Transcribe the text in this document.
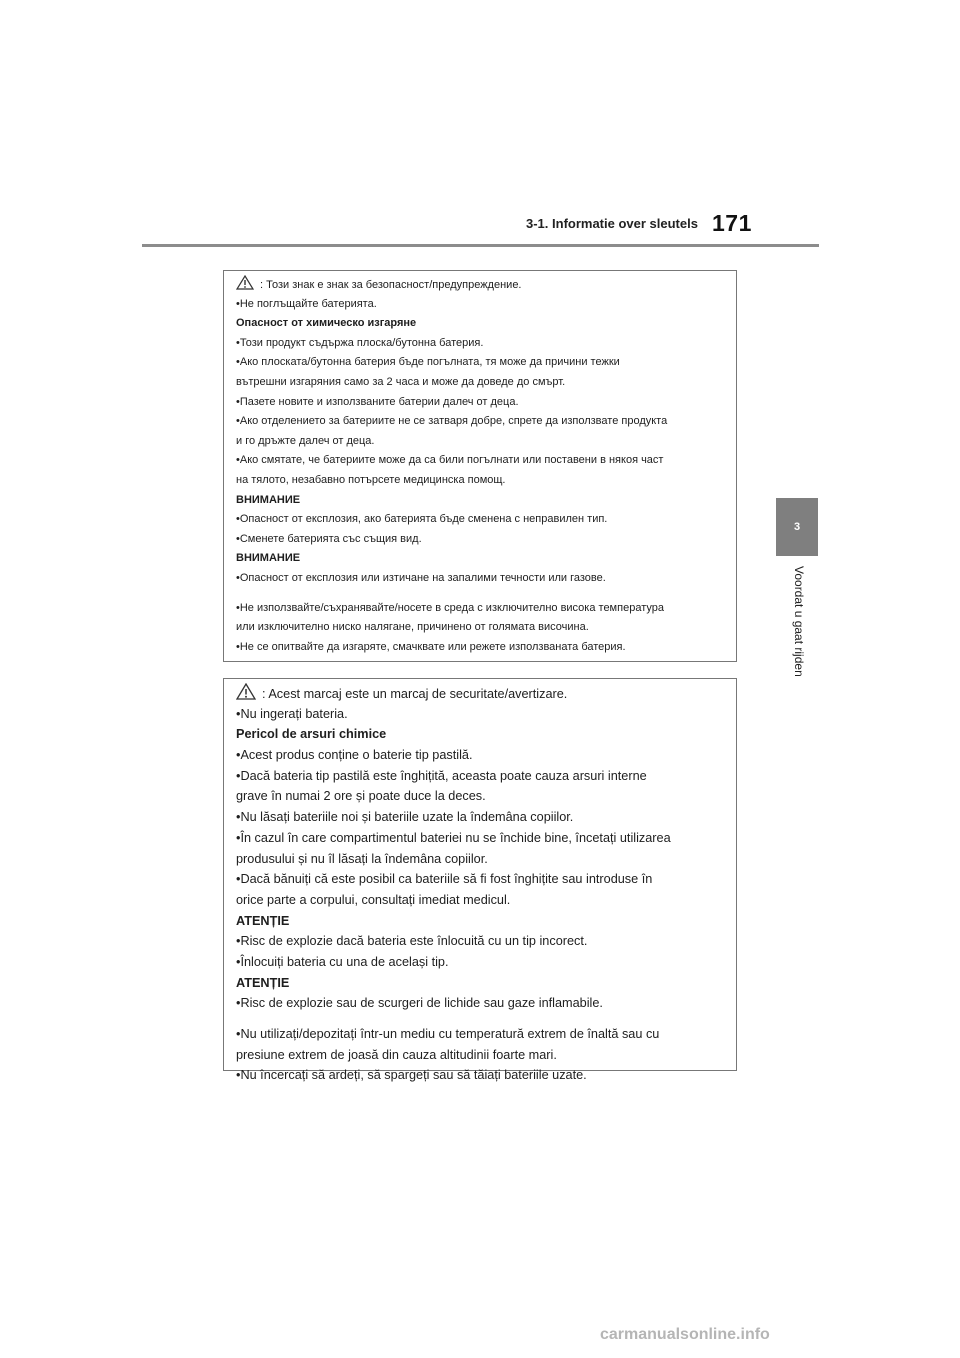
3-1. Informatie over sleutels 171
3
Voordat u gaat rijden
: Този знак е знак за безопасност/предупреждение.
•Не поглъщайте батерията.
Опасност от химическо изгаряне
•Този продукт съдържа плоска/бутонна батерия.
•Ако плоската/бутонна батерия бъде погълната, тя може да причини тежки
вътрешни изгаряния само за 2 часа и може да доведе до смърт.
•Пазете новите и използваните батерии далеч от деца.
•Ако отделението за батериите не се затваря добре, спрете да използвате продукта
и го дръжте далеч от деца.
•Ако смятате, че батериите може да са били погълнати или поставени в някоя част
на тялото, незабавно потърсете медицинска помощ.
ВНИМАНИЕ
•Опасност от експлозия, ако батерията бъде сменена с неправилен тип.
•Сменете батерията със същия вид.
ВНИМАНИЕ
•Опасност от експлозия или изтичане на запалими течности или газове.
•Не използвайте/съхранявайте/носете в среда с изключително висока температура
или изключително ниско налягане, причинено от голямата височина.
•Не се опитвайте да изгаряте, смачквате или режете използваната батерия.
: Acest marcaj este un marcaj de securitate/avertizare.
•Nu ingerați bateria.
Pericol de arsuri chimice
•Acest produs conține o baterie tip pastilă.
•Dacă bateria tip pastilă este înghițită, aceasta poate cauza arsuri interne
grave în numai 2 ore și poate duce la deces.
•Nu lăsați bateriile noi și bateriile uzate la îndemâna copiilor.
•În cazul în care compartimentul bateriei nu se închide bine, încetați utilizarea
produsului și nu îl lăsați la îndemâna copiilor.
•Dacă bănuiți că este posibil ca bateriile să fi fost înghițite sau introduse în
orice parte a corpului, consultați imediat medicul.
ATENȚIE
•Risc de explozie dacă bateria este înlocuită cu un tip incorect.
•Înlocuiți bateria cu una de același tip.
ATENȚIE
•Risc de explozie sau de scurgeri de lichide sau gaze inflamabile.
•Nu utilizați/depozitați într-un mediu cu temperatură extrem de înaltă sau cu
presiune extrem de joasă din cauza altitudinii foarte mari.
•Nu încercați să ardeți, să spargeți sau să tăiați bateriile uzate.
carmanualsonline.info
